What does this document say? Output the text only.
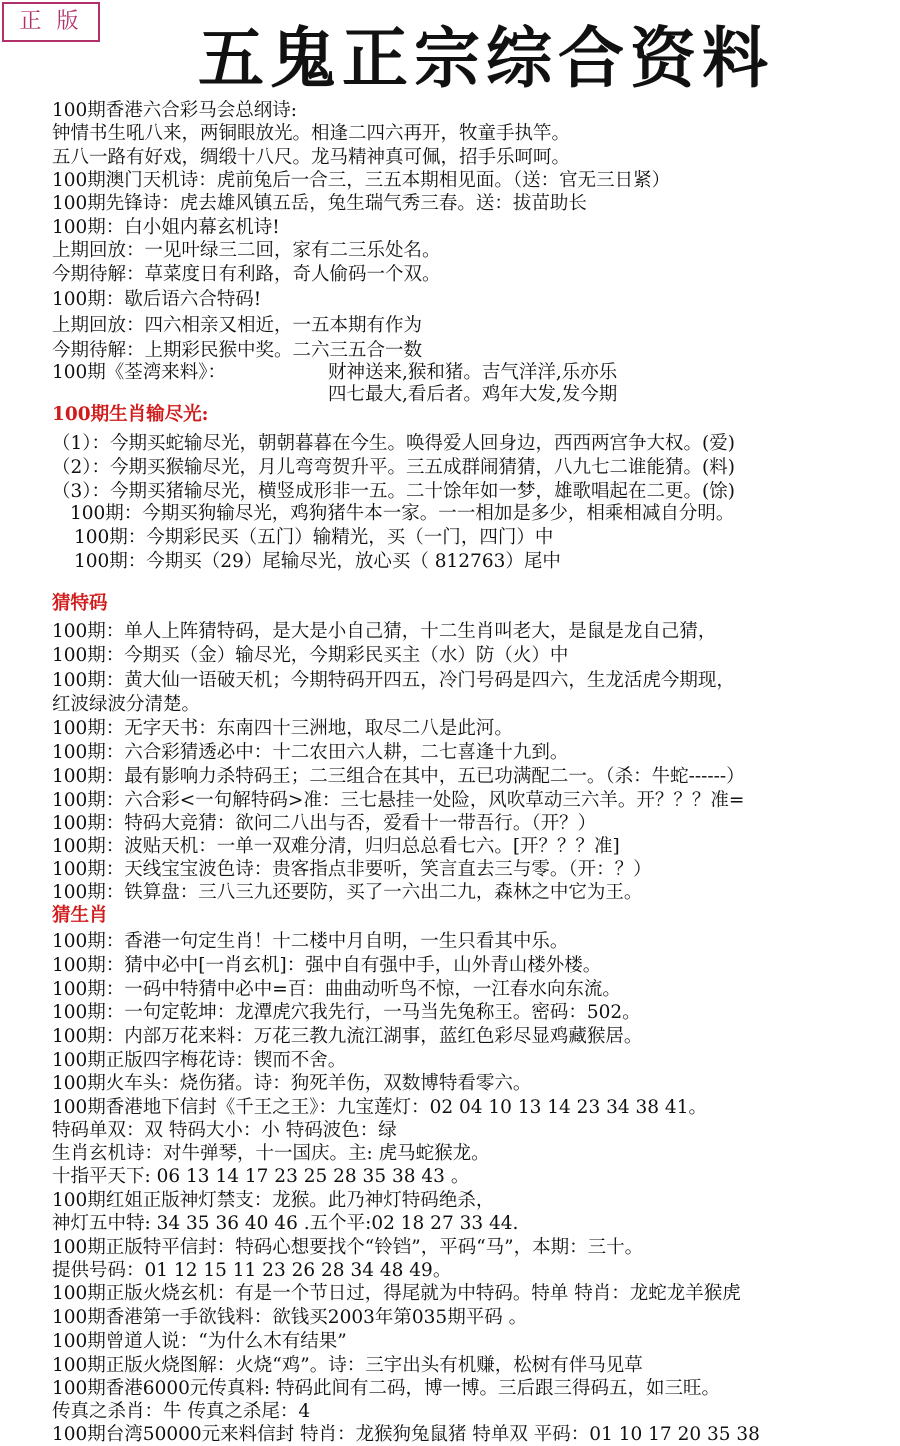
正 版	五鬼正宗综合资料
100期香港六合彩马会总纲诗:
钟情书生吼八来，两铜眼放光。相逢二四六再开，牧童手执竿。
五八一路有好戏，绸缎十八尺。龙马精神真可佩，招手乐呵呵。
100期澳门天机诗：虎前兔后一合三，三五本期相见面。（送：官无三日紧）
100期先锋诗：虎去雄风镇五岳，兔生瑞气秀三春。送：拔苗助长
100期：白小姐内幕玄机诗!
上期回放：一见叶绿三二回，家有二三乐处名。
今期待解：草菜度日有利路，奇人偷码一个双。
100期：歇后语六合特码!
上期回放：四六相亲又相近，一五本期有作为
今期待解：上期彩民猴中奖。二六三五合一数
100期《荃湾来料》：	财神送来,猴和猪。吉气洋洋,乐亦乐
四七最大,看后者。鸡年大发,发今期
100期生肖输尽光:
（1）：今期买蛇输尽光，朝朝暮暮在今生。唤得爱人回身边，西西两宫争大权。(爱)
（2）：今期买猴输尽光，月儿弯弯贺升平。三五成群闹猜猜，八九七二谁能猜。(料)
（3）：今期买猪输尽光，横竖成形非一五。二十馀年如一梦，雄歌唱起在二更。(馀)
100期：今期买狗输尽光，鸡狗猪牛本一家。一一相加是多少，相乘相减自分明。
100期：今期彩民买（五门）输精光，买（一门，四门）中
100期：今期买（29）尾输尽光，放心买（ 812763）尾中
猜特码
100期：单人上阵猜特码，是大是小自己猜，十二生肖叫老大，是鼠是龙自己猜，
100期：今期买（金）输尽光，今期彩民买主（水）防（火）中
100期：黄大仙一语破天机；今期特码开四五，冷门号码是四六，生龙活虎今期现，
红波绿波分清楚。
100期：无字天书：东南四十三洲地，取尽二八是此河。
100期：六合彩猜透必中：十二农田六人耕，二七喜逢十九到。
100期：最有影响力杀特码王；二三组合在其中，五已功满配二一。（杀：牛蛇------）
100期：六合彩<一句解特码>准：三七悬挂一处险，风吹草动三六羊。开？？？准=
100期：特码大竞猜：欲问二八出与否，爱看十一带吾行。（开？）
100期：波贴天机：一单一双难分清，归归总总看七六。[开？？？准]
100期：天线宝宝波色诗：贵客指点非要听，笑言直去三与零。（开：？）
100期：铁算盘：三八三九还要防，买了一六出二九，森林之中它为王。
猜生肖
100期：香港一句定生肖！十二楼中月自明，一生只看其中乐。
100期：猜中必中[一肖玄机]：强中自有强中手，山外青山楼外楼。
100期：一码中特猜中必中=百：曲曲动听鸟不惊，一江春水向东流。
100期：一句定乾坤：龙潭虎穴我先行，一马当先兔称王。密码：502。
100期：内部万花来料：万花三教九流江湖事，蓝红色彩尽显鸡藏猴居。
100期正版四字梅花诗：锲而不舍。
100期火车头：烧伤猪。诗：狗死羊伤，双数博特看零六。
100期香港地下信封《千王之王》：九宝莲灯：02 04 10 13 14 23 34 38 41。
特码单双：双 特码大小：小 特码波色：绿
生肖玄机诗：对牛弹琴，十一国庆。主: 虎马蛇猴龙。
十指平天下: 06 13 14 17 23 25 28 35 38 43 。
100期红姐正版神灯禁支：龙猴。此乃神灯特码绝杀，
神灯五中特: 34 35 36 40 46 .五个平:02 18 27 33 44.
100期正版特平信封：特码心想要找个“铃铛”，平码“马”，本期：三十。
提供号码：01 12 15 11 23 26 28 34 48 49。
100期正版火烧玄机：有是一个节日过，得尾就为中特码。特单 特肖：龙蛇龙羊猴虎
100期香港第一手欲钱料：欲钱买2003年第035期平码 。
100期曾道人说：“为什么木有结果”
100期正版火烧图解：火烧“鸡”。诗：三宇出头有机赚，松树有伴马见草
100期香港6000元传真料: 特码此间有二码，博一博。三后跟三得码五，如三旺。
传真之杀肖：牛 传真之杀尾：4
100期台湾50000元来料信封 特肖：龙猴狗兔鼠猪 特单双 平码：01 10 17 20 35 38
